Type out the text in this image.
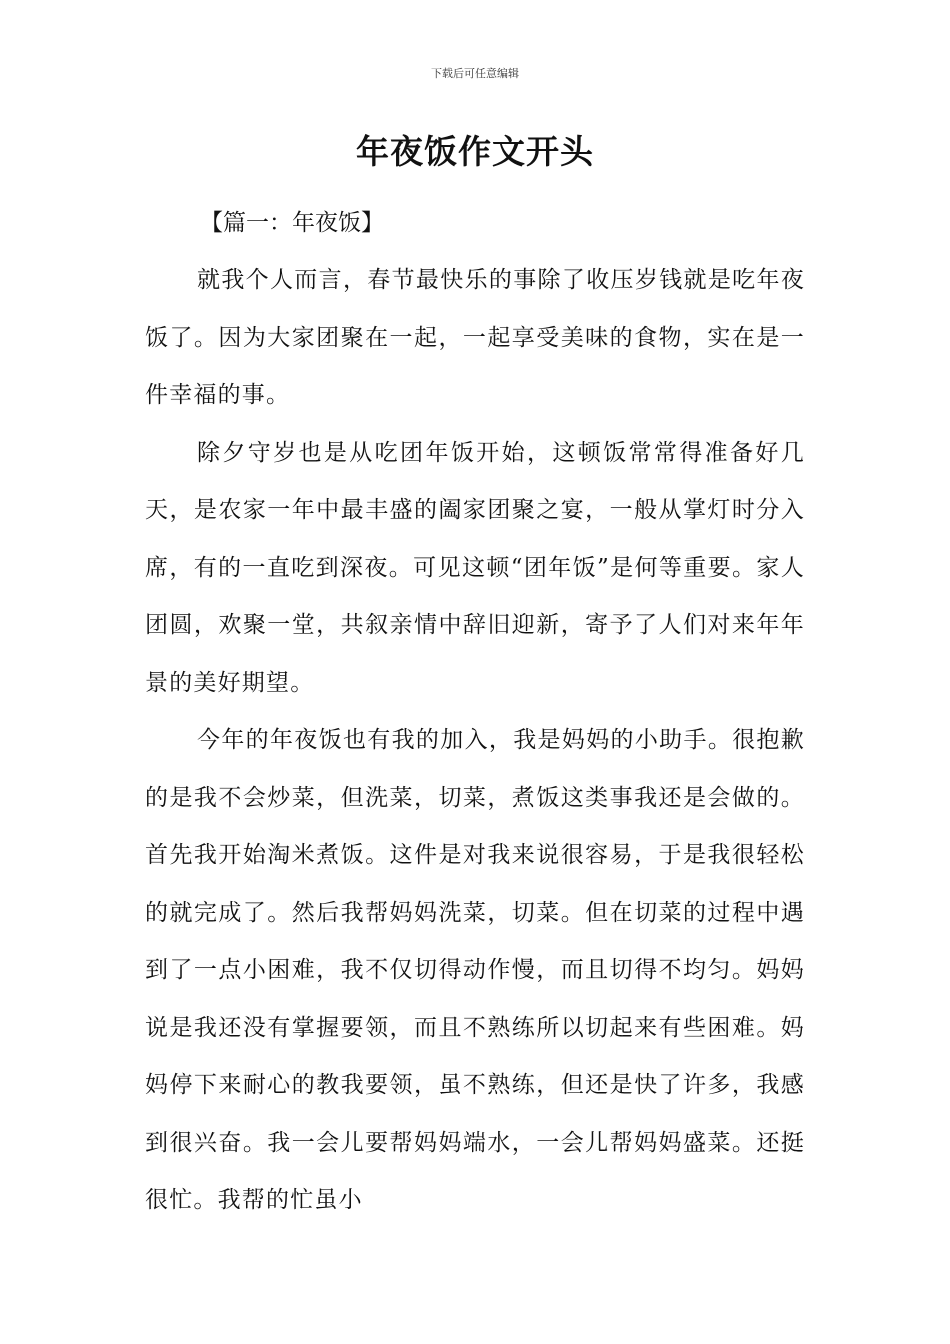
下载后可任意编辑
年夜饭作文开头
【篇一：年夜饭】

就我个人而言，春节最快乐的事除了收压岁钱就是吃年夜饭了。因为大家团聚在一起，一起享受美味的食物，实在是一件幸福的事。

除夕守岁也是从吃团年饭开始，这顿饭常常得准备好几天，是农家一年中最丰盛的阖家团聚之宴，一般从掌灯时分入席，有的一直吃到深夜。可见这顿“团年饭”是何等重要。家人团圆，欢聚一堂，共叙亲情中辞旧迎新，寄予了人们对来年年景的美好期望。

今年的年夜饭也有我的加入，我是妈妈的小助手。很抱歉的是我不会炒菜，但洗菜，切菜，煮饭这类事我还是会做的。首先我开始淘米煮饭。这件是对我来说很容易，于是我很轻松的就完成了。然后我帮妈妈洗菜，切菜。但在切菜的过程中遇到了一点小困难，我不仅切得动作慢，而且切得不均匀。妈妈说是我还没有掌握要领，而且不熟练所以切起来有些困难。妈妈停下来耐心的教我要领，虽不熟练，但还是快了许多，我感到很兴奋。我一会儿要帮妈妈端水，一会儿帮妈妈盛菜。还挺很忙。我帮的忙虽小
